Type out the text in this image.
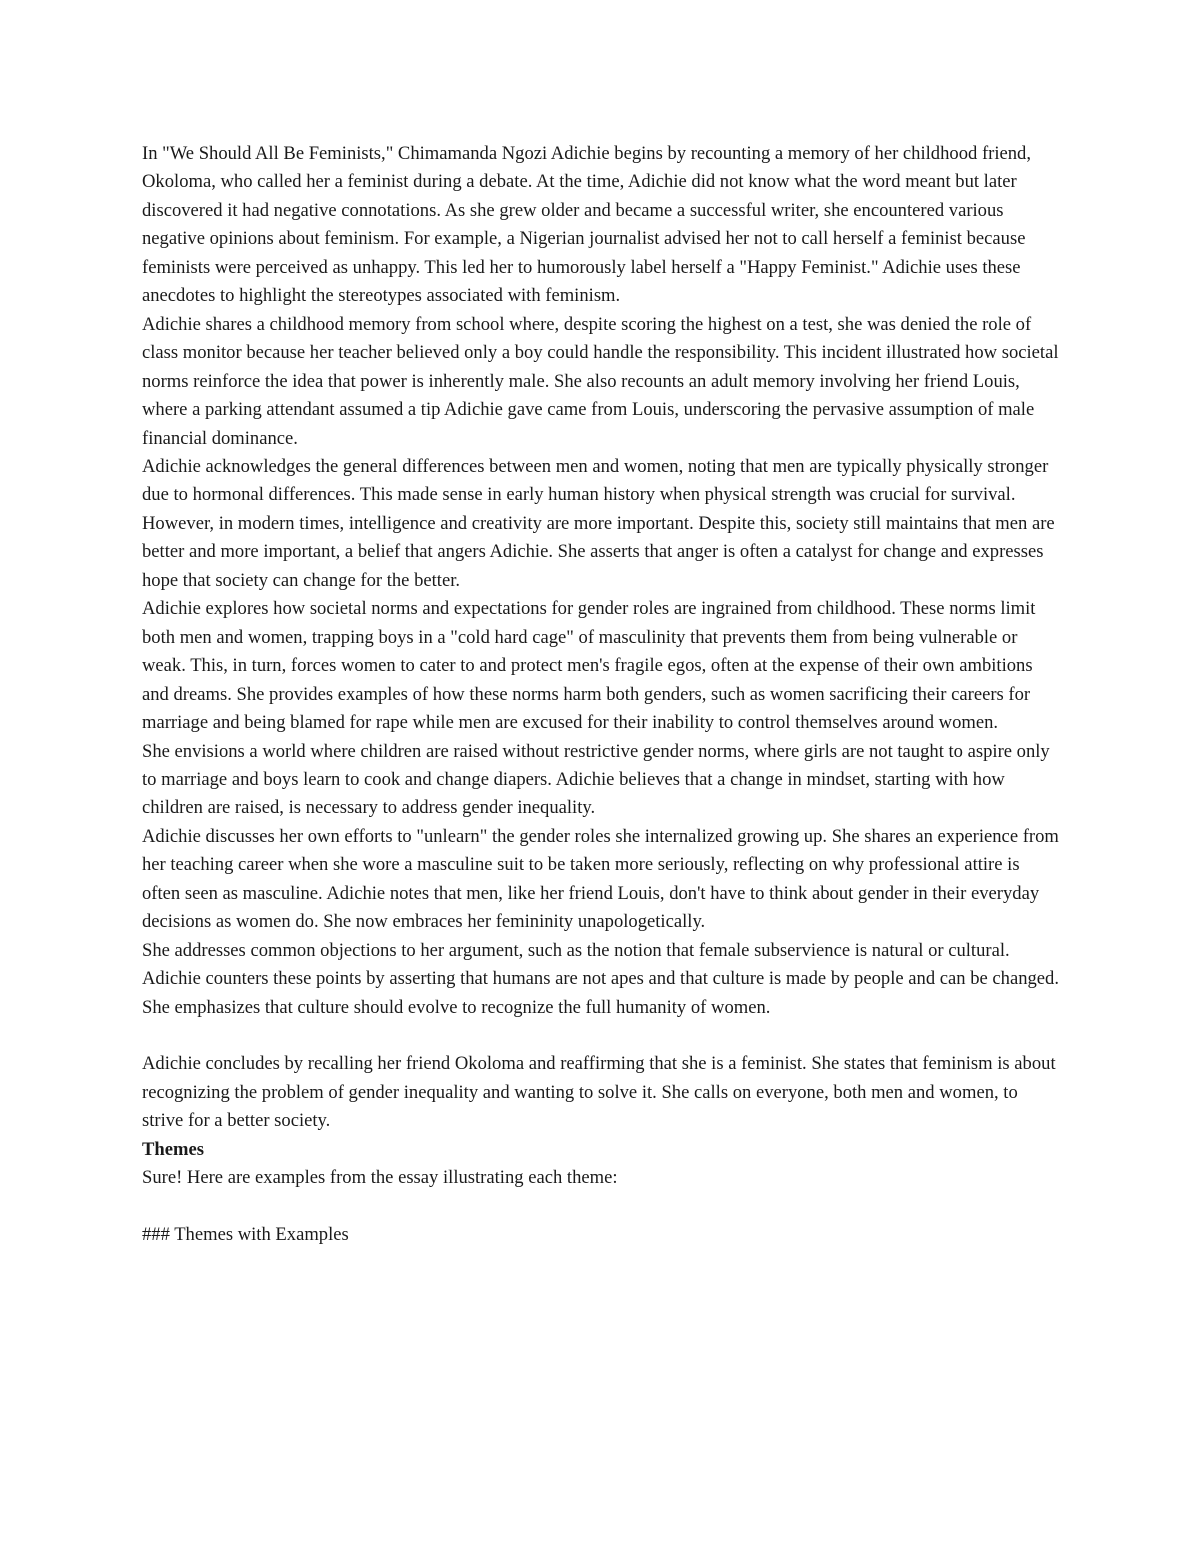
In "We Should All Be Feminists," Chimamanda Ngozi Adichie begins by recounting a memory of her childhood friend, Okoloma, who called her a feminist during a debate. At the time, Adichie did not know what the word meant but later discovered it had negative connotations. As she grew older and became a successful writer, she encountered various negative opinions about feminism. For example, a Nigerian journalist advised her not to call herself a feminist because feminists were perceived as unhappy. This led her to humorously label herself a "Happy Feminist." Adichie uses these anecdotes to highlight the stereotypes associated with feminism.

Adichie shares a childhood memory from school where, despite scoring the highest on a test, she was denied the role of class monitor because her teacher believed only a boy could handle the responsibility. This incident illustrated how societal norms reinforce the idea that power is inherently male. She also recounts an adult memory involving her friend Louis, where a parking attendant assumed a tip Adichie gave came from Louis, underscoring the pervasive assumption of male financial dominance.

Adichie acknowledges the general differences between men and women, noting that men are typically physically stronger due to hormonal differences. This made sense in early human history when physical strength was crucial for survival. However, in modern times, intelligence and creativity are more important. Despite this, society still maintains that men are better and more important, a belief that angers Adichie. She asserts that anger is often a catalyst for change and expresses hope that society can change for the better.

Adichie explores how societal norms and expectations for gender roles are ingrained from childhood. These norms limit both men and women, trapping boys in a "cold hard cage" of masculinity that prevents them from being vulnerable or weak. This, in turn, forces women to cater to and protect men's fragile egos, often at the expense of their own ambitions and dreams. She provides examples of how these norms harm both genders, such as women sacrificing their careers for marriage and being blamed for rape while men are excused for their inability to control themselves around women.

She envisions a world where children are raised without restrictive gender norms, where girls are not taught to aspire only to marriage and boys learn to cook and change diapers. Adichie believes that a change in mindset, starting with how children are raised, is necessary to address gender inequality.

Adichie discusses her own efforts to "unlearn" the gender roles she internalized growing up. She shares an experience from her teaching career when she wore a masculine suit to be taken more seriously, reflecting on why professional attire is often seen as masculine. Adichie notes that men, like her friend Louis, don't have to think about gender in their everyday decisions as women do. She now embraces her femininity unapologetically.

She addresses common objections to her argument, such as the notion that female subservience is natural or cultural. Adichie counters these points by asserting that humans are not apes and that culture is made by people and can be changed. She emphasizes that culture should evolve to recognize the full humanity of women.

Adichie concludes by recalling her friend Okoloma and reaffirming that she is a feminist. She states that feminism is about recognizing the problem of gender inequality and wanting to solve it. She calls on everyone, both men and women, to strive for a better society.

Themes

Sure! Here are examples from the essay illustrating each theme:

### Themes with Examples
